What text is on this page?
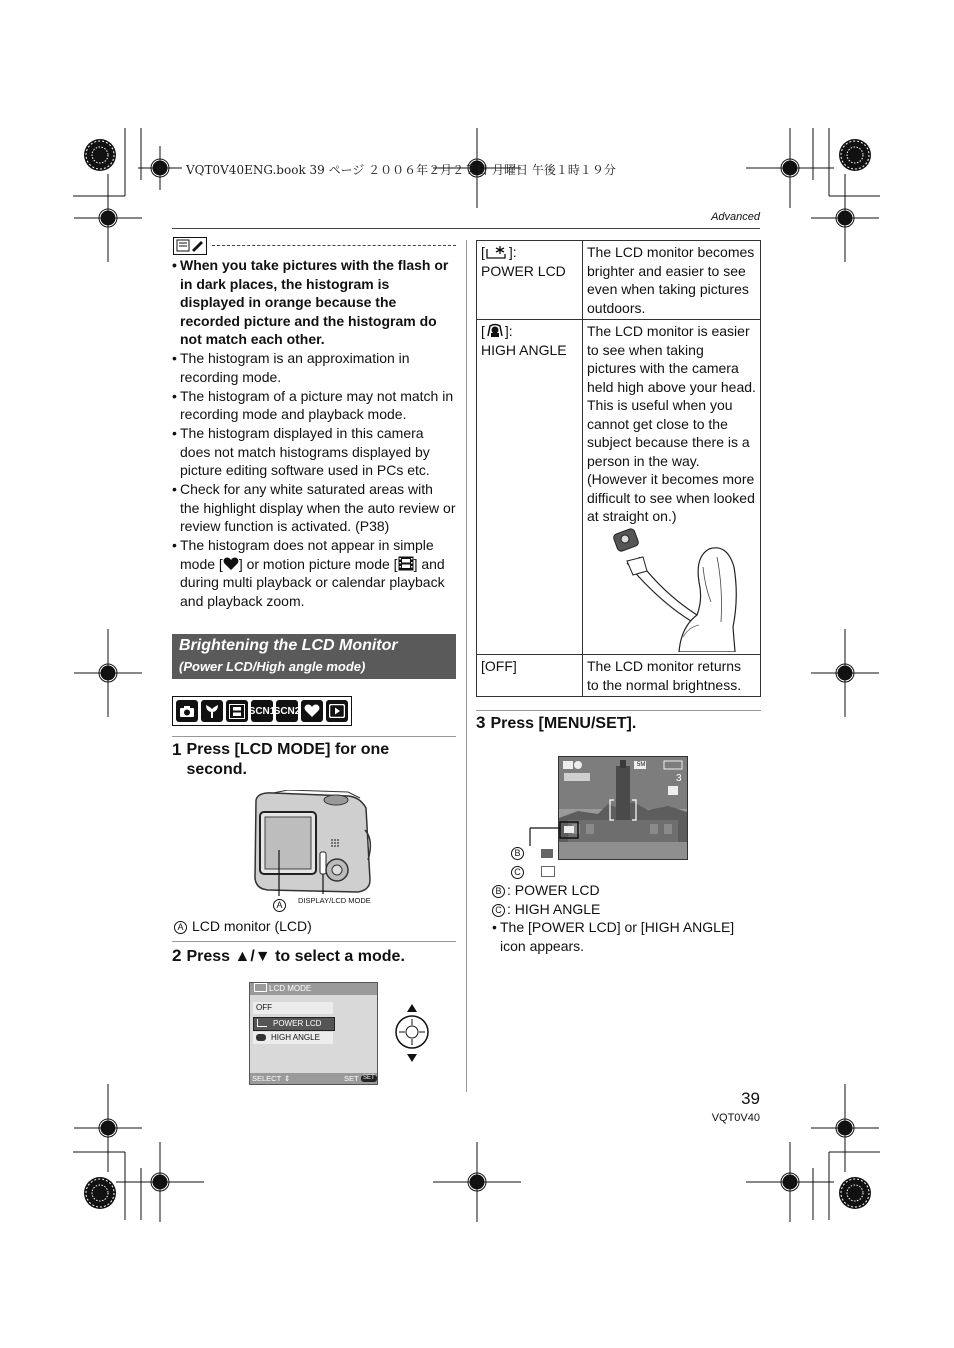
VQT0V40ENG.book 39 ページ ２００６年２月２７日 月曜日 午後１時１９分
Advanced
• When you take pictures with the flash or in dark places, the histogram is displayed in orange because the recorded picture and the histogram do not match each other.
• The histogram is an approximation in recording mode.
• The histogram of a picture may not match in recording mode and playback mode.
• The histogram displayed in this camera does not match histograms displayed by picture editing software used in PCs etc.
• Check for any white saturated areas with the highlight display when the auto review or review function is activated. (P38)
• The histogram does not appear in simple mode [ ] or motion picture mode [ ] and during multi playback or calendar playback and playback zoom.
Brightening the LCD Monitor
(Power LCD/High angle mode)
SCN1
SCN2
1 Press [LCD MODE] for one second.
A	DISPLAY/LCD MODE
A LCD monitor (LCD)
2 Press ▲/▼ to select a mode.
LCD MODE
OFF
POWER LCD
HIGH ANGLE
SELECT ⇕	SET SET
[ ]:
POWER LCD	The LCD monitor becomes brighter and easier to see even when taking pictures outdoors.
[ ]:
HIGH ANGLE	The LCD monitor is easier to see when taking pictures with the camera held high above your head. This is useful when you cannot get close to the subject because there is a person in the way. (However it becomes more difficult to see when looked at straight on.)

[OFF]	The LCD monitor returns to the normal brightness.
3 Press [MENU/SET].
5M
3
B
C
B : POWER LCD
C : HIGH ANGLE
• The [POWER LCD] or [HIGH ANGLE] icon appears.
39
VQT0V40
